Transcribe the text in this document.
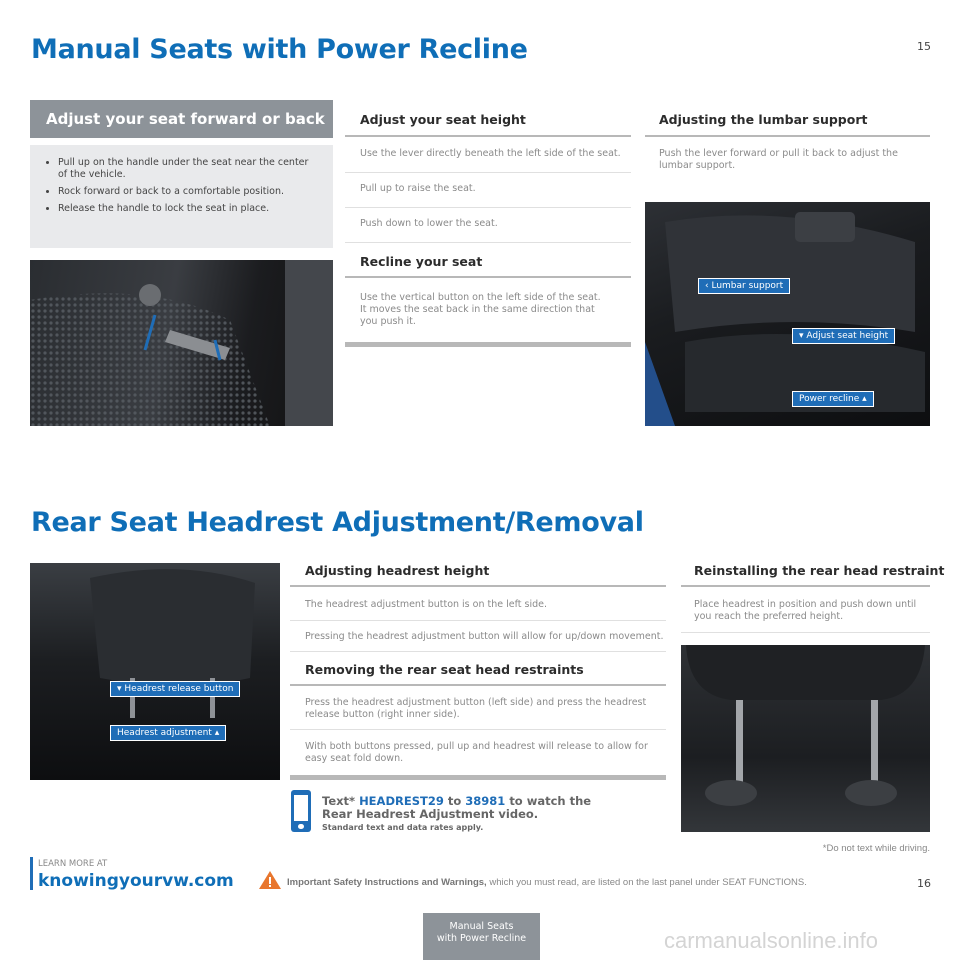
Manual Seats with Power Recline	15
Adjust your seat forward or back
• Pull up on the handle under the seat near the center of the vehicle.
• Rock forward or back to a comfortable position.
• Release the handle to lock the seat in place.
Adjust your seat height
Use the lever directly beneath the left side of the seat.
Pull up to raise the seat.
Push down to lower the seat.
Recline your seat
Use the vertical button on the left side of the seat. It moves the seat back in the same direction that you push it.
Adjusting the lumbar support
Push the lever forward or pull it back to adjust the lumbar support.
‹ Lumbar support
▾ Adjust seat height
Power recline ▴
Rear Seat Headrest Adjustment/Removal
▾ Headrest release button
Headrest adjustment ▴
Adjusting headrest height
The headrest adjustment button is on the left side.
Pressing the headrest adjustment button will allow for up/down movement.
Removing the rear seat head restraints
Press the headrest adjustment button (left side) and press the headrest release button (right inner side).
With both buttons pressed, pull up and headrest will release to allow for easy seat fold down.
Text* HEADREST29 to 38981 to watch the
Rear Headrest Adjustment video.
Standard text and data rates apply.
Reinstalling the rear head restraint
Place headrest in position and push down until you reach the preferred height.
*Do not text while driving.
LEARN MORE AT
knowingyourvw.com	Important Safety Instructions and Warnings, which you must read, are listed on the last panel under SEAT FUNCTIONS.	16
Manual Seats
with Power Recline	carmanualsonline.info
